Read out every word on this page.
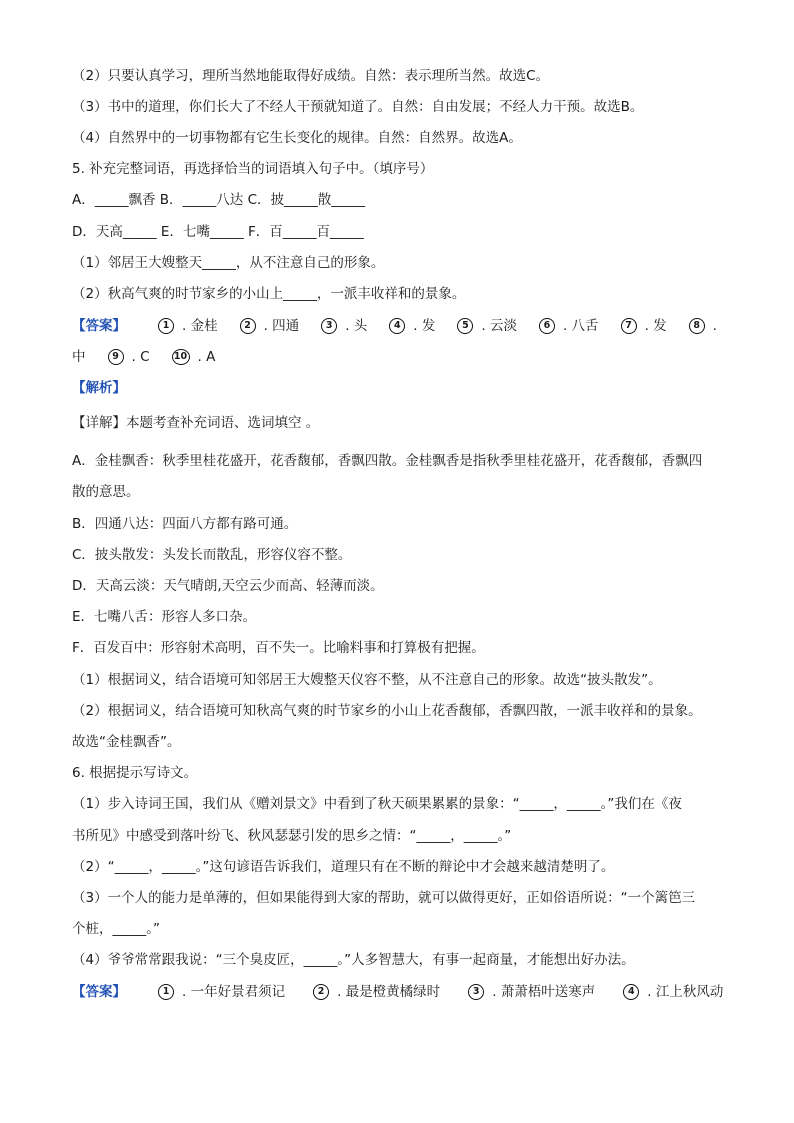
（2）只要认真学习，理所当然地能取得好成绩。自然：表示理所当然。故选C。
（3）书中的道理，你们长大了不经人干预就知道了。自然：自由发展；不经人力干预。故选B。
（4）自然界中的一切事物都有它生长变化的规律。自然：自然界。故选A。
5. 补充完整词语，再选择恰当的词语填入句子中。（填序号）
A．_____飘香 B．_____八达 C．披_____散_____
D．天高_____ E．七嘴_____ F．百_____百_____
（1）邻居王大嫂整天_____，从不注意自己的形象。
（2）秋高气爽的时节家乡的小山上_____，一派丰收祥和的景象。
【答案】	1 . 金桂	2 . 四通	3 . 头	4 . 发	5 . 云淡	6 . 八舌	7 . 发	8 .
中	9 . C	10 . A
【解析】
【详解】本题考查补充词语、选词填空 。
A．金桂飘香：秋季里桂花盛开，花香馥郁，香飘四散。金桂飘香是指秋季里桂花盛开，花香馥郁，香飘四
散的意思。
B．四通八达：四面八方都有路可通。
C．披头散发：头发长而散乱，形容仪容不整。
D．天高云淡：天气晴朗,天空云少而高、轻薄而淡。
E．七嘴八舌：形容人多口杂。
F．百发百中：形容射术高明，百不失一。比喻料事和打算极有把握。
（1）根据词义，结合语境可知邻居王大嫂整天仪容不整，从不注意自己的形象。故选“披头散发”。
（2）根据词义，结合语境可知秋高气爽的时节家乡的小山上花香馥郁，香飘四散，一派丰收祥和的景象。
故选“金桂飘香”。
6. 根据提示写诗文。
（1）步入诗词王国，我们从《赠刘景文》中看到了秋天硕果累累的景象：“_____，_____。”我们在《夜
书所见》中感受到落叶纷飞、秋风瑟瑟引发的思乡之情：“_____，_____。”
（2）“_____，_____。”这句谚语告诉我们，道理只有在不断的辩论中才会越来越清楚明了。
（3）一个人的能力是单薄的，但如果能得到大家的帮助，就可以做得更好，正如俗语所说：“一个篱笆三
个桩，_____。”
（4）爷爷常常跟我说：“三个臭皮匠，_____。”人多智慧大，有事一起商量，才能想出好办法。
【答案】	1 . 一年好景君须记	2 . 最是橙黄橘绿时	3 . 萧萧梧叶送寒声	4 . 江上秋风动
